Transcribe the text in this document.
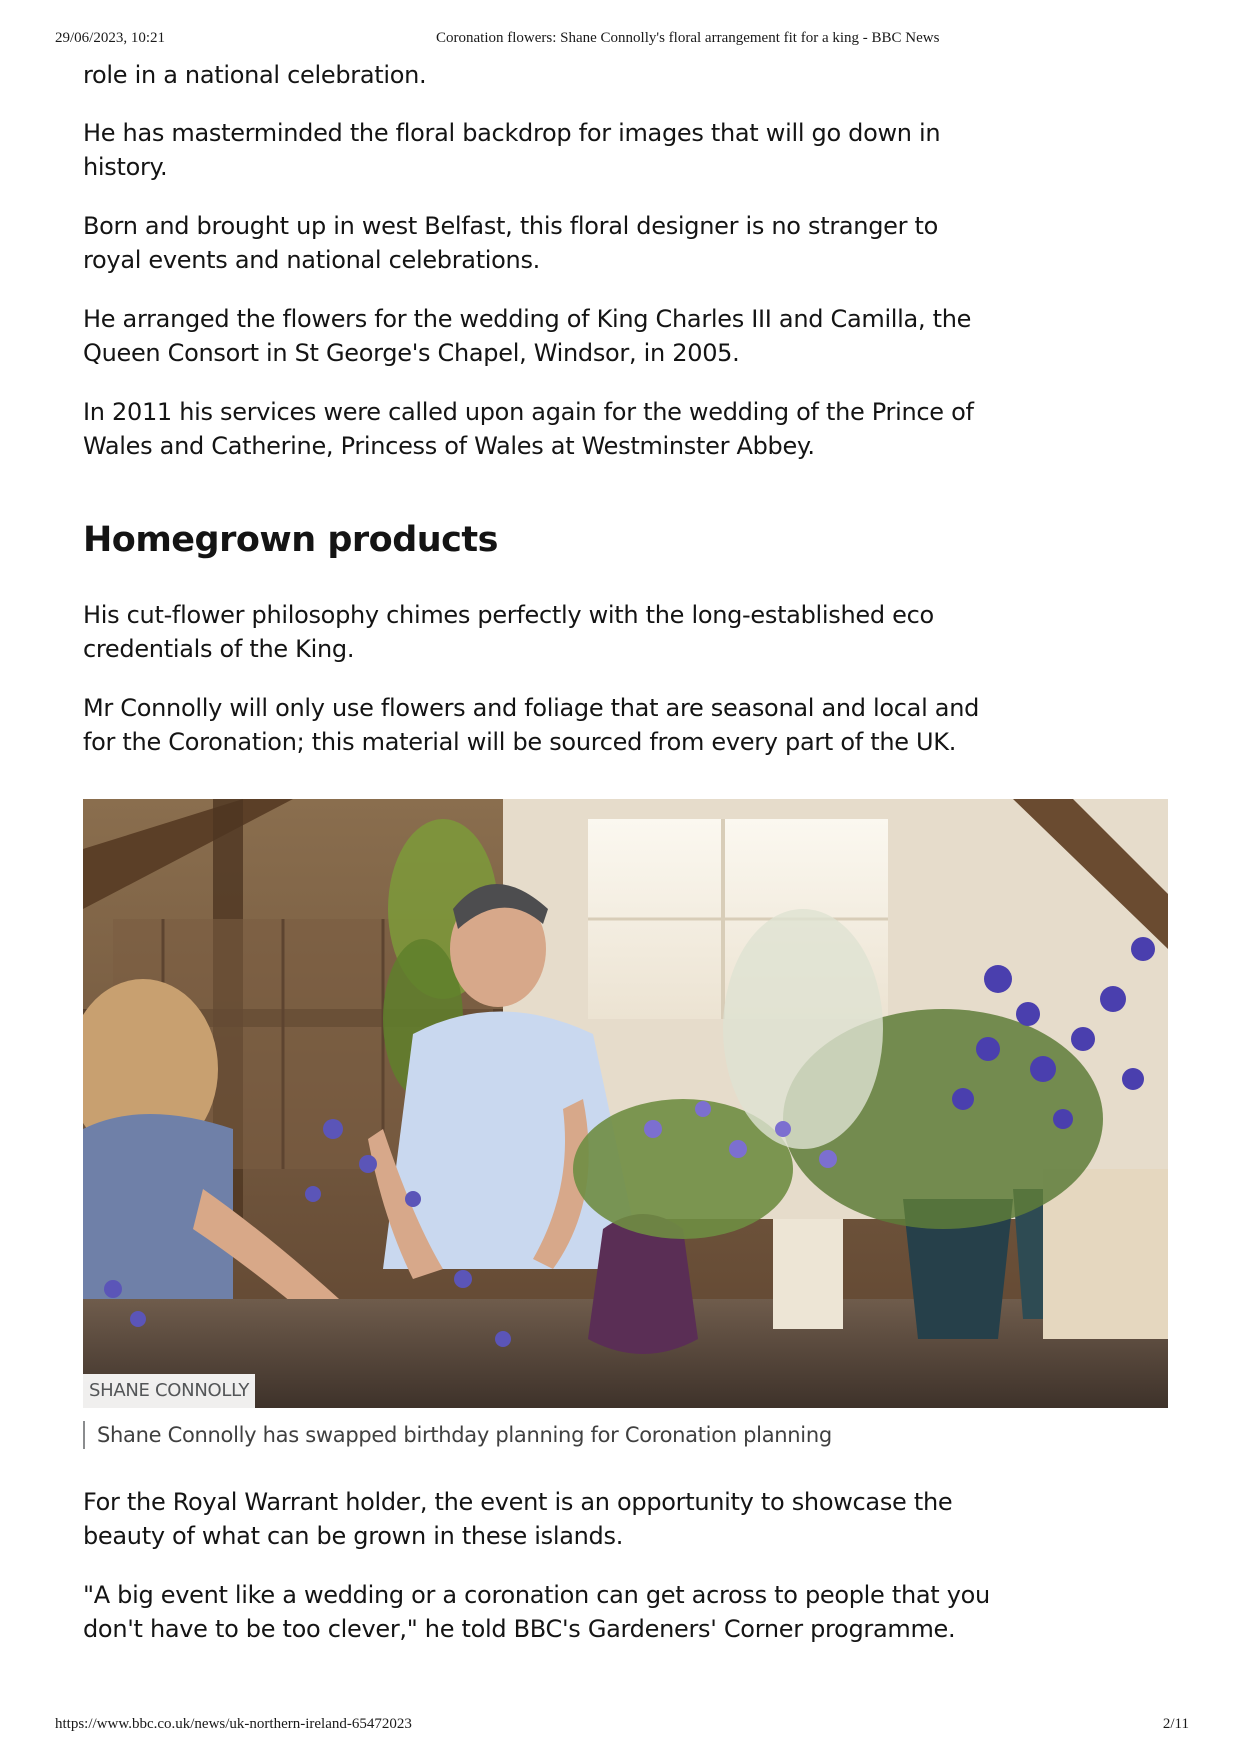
29/06/2023, 10:21	Coronation flowers: Shane Connolly's floral arrangement fit for a king - BBC News

role in a national celebration.

He has masterminded the floral backdrop for images that will go down in history.

Born and brought up in west Belfast, this floral designer is no stranger to royal events and national celebrations.

He arranged the flowers for the wedding of King Charles III and Camilla, the Queen Consort in St George's Chapel, Windsor, in 2005.

In 2011 his services were called upon again for the wedding of the Prince of Wales and Catherine, Princess of Wales at Westminster Abbey.

Homegrown products

His cut-flower philosophy chimes perfectly with the long-established eco credentials of the King.

Mr Connolly will only use flowers and foliage that are seasonal and local and for the Coronation; this material will be sourced from every part of the UK.

SHANE CONNOLLY
Shane Connolly has swapped birthday planning for Coronation planning

For the Royal Warrant holder, the event is an opportunity to showcase the beauty of what can be grown in these islands.

"A big event like a wedding or a coronation can get across to people that you don't have to be too clever," he told BBC's Gardeners' Corner programme.

https://www.bbc.co.uk/news/uk-northern-ireland-65472023	2/11
